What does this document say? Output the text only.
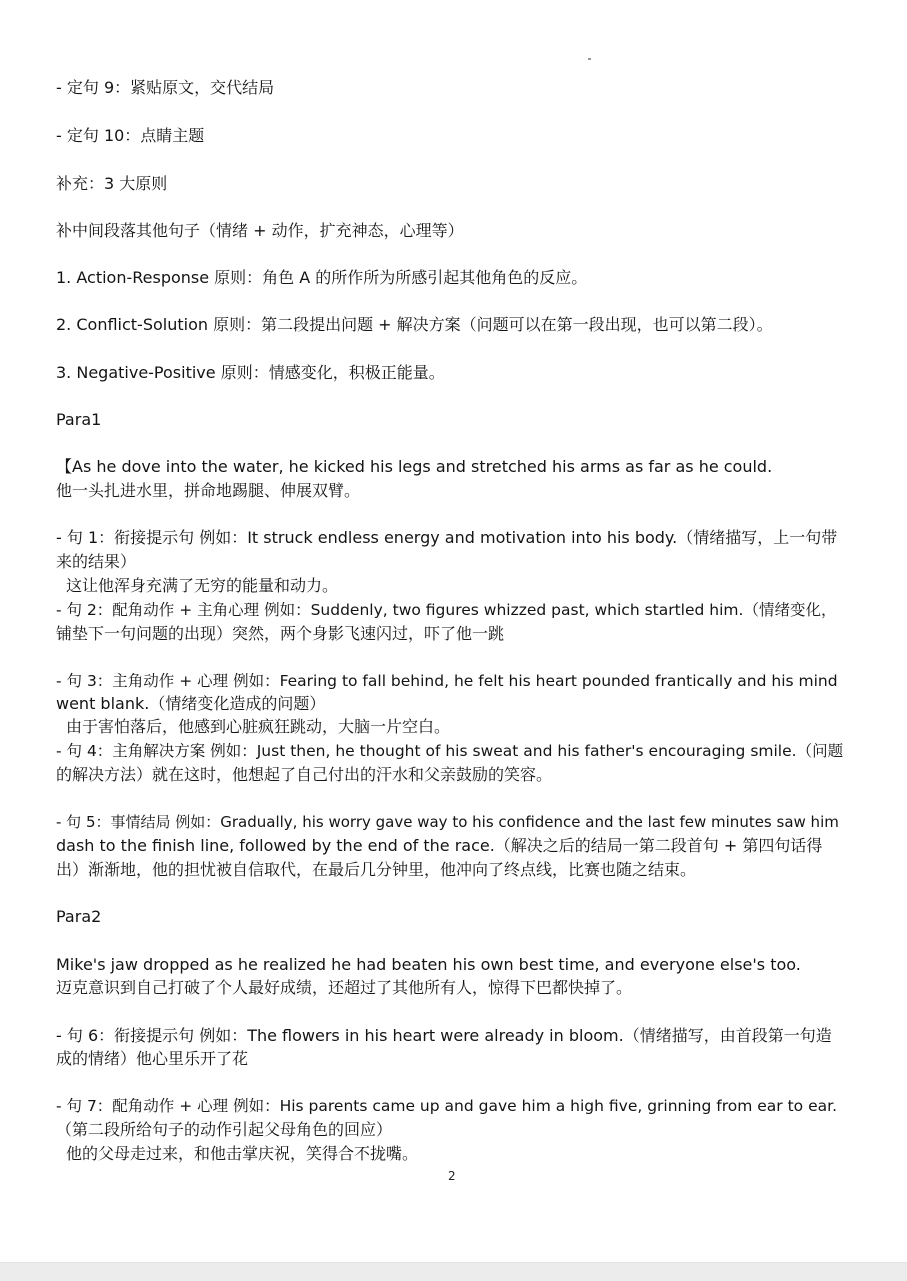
- 定句 9：紧贴原文，交代结局

- 定句 10：点睛主题

补充：3 大原则

补中间段落其他句子（情绪 + 动作，扩充神态，心理等）

1. Action-Response 原则：角色 A 的所作所为所感引起其他角色的反应。

2. Conflict-Solution 原则：第二段提出问题 + 解决方案（问题可以在第一段出现，也可以第二段）。

3. Negative-Positive 原则：情感变化，积极正能量。

Para1

【As he dove into the water, he kicked his legs and stretched his arms as far as he could.

他一头扎进水里，拼命地踢腿、伸展双臂。

- 句 1：衔接提示句 例如：It struck endless energy and motivation into his body.（情绪描写，上一句带

来的结果）

这让他浑身充满了无穷的能量和动力。

- 句 2：配角动作 + 主角心理 例如：Suddenly, two figures whizzed past, which startled him.（情绪变化，

铺垫下一句问题的出现）突然，两个身影飞速闪过，吓了他一跳

- 句 3：主角动作 + 心理 例如：Fearing to fall behind, he felt his heart pounded frantically and his mind

went blank.（情绪变化造成的问题）

由于害怕落后，他感到心脏疯狂跳动，大脑一片空白。

- 句 4：主角解决方案 例如：Just then, he thought of his sweat and his father's encouraging smile.（问题

的解决方法）就在这时，他想起了自己付出的汗水和父亲鼓励的笑容。

- 句 5：事情结局 例如：Gradually, his worry gave way to his confidence and the last few minutes saw him

dash to the finish line, followed by the end of the race.（解决之后的结局一第二段首句 + 第四句话得

出）渐渐地，他的担忧被自信取代，在最后几分钟里，他冲向了终点线，比赛也随之结束。

Para2

Mike's jaw dropped as he realized he had beaten his own best time, and everyone else's too.

迈克意识到自己打破了个人最好成绩，还超过了其他所有人，惊得下巴都快掉了。

- 句 6：衔接提示句 例如：The flowers in his heart were already in bloom.（情绪描写，由首段第一句造

成的情绪）他心里乐开了花

- 句 7：配角动作 + 心理 例如：His parents came up and gave him a high five, grinning from ear to ear.

（第二段所给句子的动作引起父母角色的回应）

他的父母走过来，和他击掌庆祝，笑得合不拢嘴。

2
